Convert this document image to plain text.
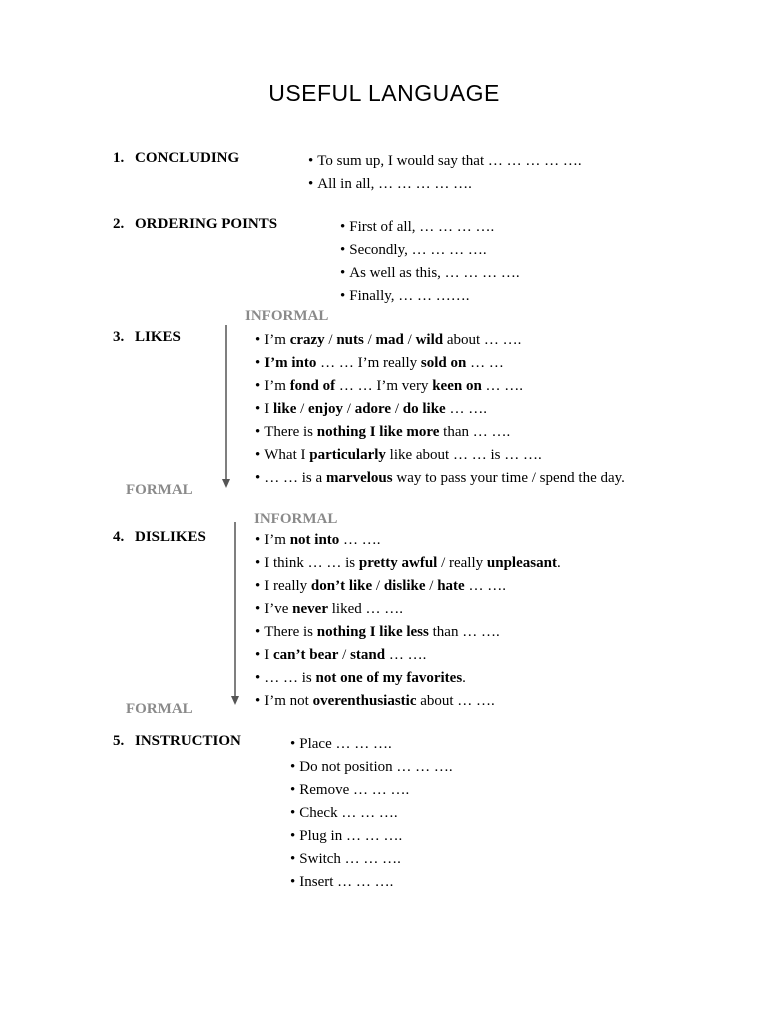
USEFUL LANGUAGE
1. CONCLUDING	• To sum up, I would say that … … … … ….
• All in all, … … … … ….
2. ORDERING POINTS	• First of all, … … … ….
• Secondly, … … … ….
• As well as this, … … … ….
• Finally, … … …….
INFORMAL
3. LIKES	• I’m crazy / nuts / mad / wild about … ….
• I’m into … … I’m really sold on … …
• I’m fond of … … I’m very keen on … ….
• I like / enjoy / adore / do like … ….
• There is nothing I like more than … ….
• What I particularly like about … … is … ….
• … … is a marvelous way to pass your time / spend the day.
FORMAL
INFORMAL
4. DISLIKES	• I’m not into … ….
• I think … … is pretty awful / really unpleasant.
• I really don’t like / dislike / hate … ….
• I’ve never liked … ….
• There is nothing I like less than … ….
• I can’t bear / stand … ….
• … … is not one of my favorites.
• I’m not overenthusiastic about … ….
FORMAL
5. INSTRUCTION	• Place … … ….
• Do not position … … ….
• Remove … … ….
• Check … … ….
• Plug in … … ….
• Switch … … ….
• Insert … … ….
